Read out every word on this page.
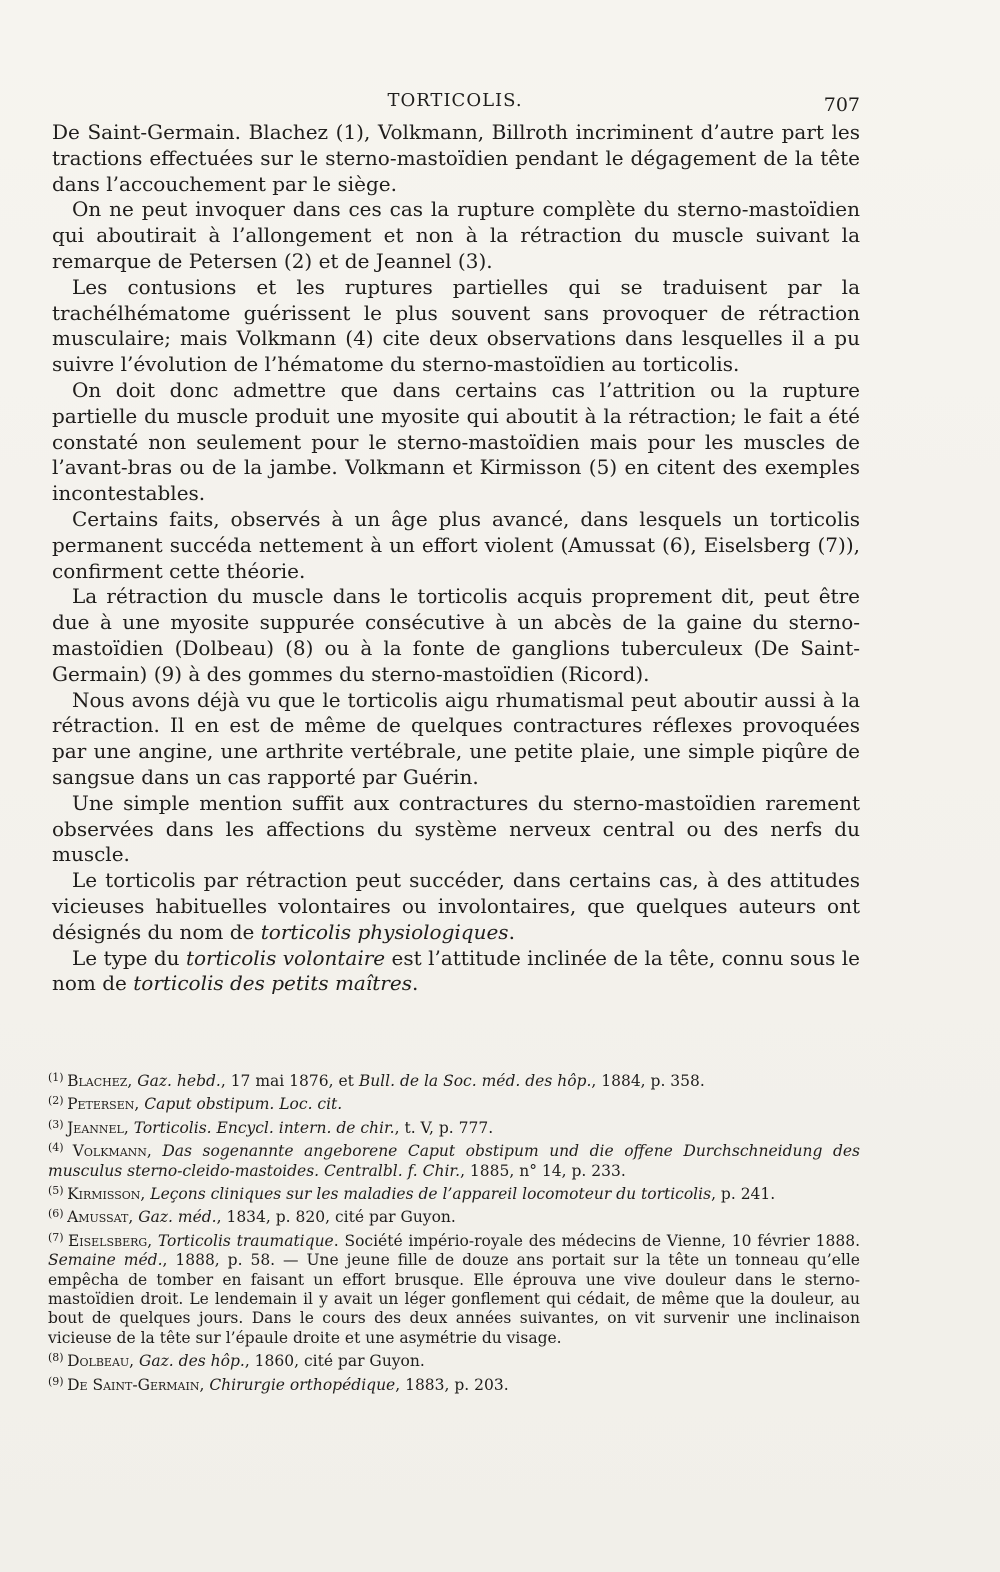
TORTICOLIS.	707

De Saint-Germain. Blachez (1), Volkmann, Billroth incriminent d’autre part les tractions effectuées sur le sterno-mastoïdien pendant le dégagement de la tête dans l’accouchement par le siège.

On ne peut invoquer dans ces cas la rupture complète du sterno-mastoïdien qui aboutirait à l’allongement et non à la rétraction du muscle suivant la remarque de Petersen (2) et de Jeannel (3).

Les contusions et les ruptures partielles qui se traduisent par la trachélhématome guérissent le plus souvent sans provoquer de rétraction musculaire; mais Volkmann (4) cite deux observations dans lesquelles il a pu suivre l’évolution de l’hématome du sterno-mastoïdien au torticolis.

On doit donc admettre que dans certains cas l’attrition ou la rupture partielle du muscle produit une myosite qui aboutit à la rétraction; le fait a été constaté non seulement pour le sterno-mastoïdien mais pour les muscles de l’avant-bras ou de la jambe. Volkmann et Kirmisson (5) en citent des exemples incontestables.

Certains faits, observés à un âge plus avancé, dans lesquels un torticolis permanent succéda nettement à un effort violent (Amussat (6), Eiselsberg (7)), confirment cette théorie.

La rétraction du muscle dans le torticolis acquis proprement dit, peut être due à une myosite suppurée consécutive à un abcès de la gaine du sterno-mastoïdien (Dolbeau) (8) ou à la fonte de ganglions tuberculeux (De Saint-Germain) (9) à des gommes du sterno-mastoïdien (Ricord).

Nous avons déjà vu que le torticolis aigu rhumatismal peut aboutir aussi à la rétraction. Il en est de même de quelques contractures réflexes provoquées par une angine, une arthrite vertébrale, une petite plaie, une simple piqûre de sangsue dans un cas rapporté par Guérin.

Une simple mention suffit aux contractures du sterno-mastoïdien rarement observées dans les affections du système nerveux central ou des nerfs du muscle.

Le torticolis par rétraction peut succéder, dans certains cas, à des attitudes vicieuses habituelles volontaires ou involontaires, que quelques auteurs ont désignés du nom de torticolis physiologiques.

Le type du torticolis volontaire est l’attitude inclinée de la tête, connu sous le nom de torticolis des petits maîtres.

$^{(1)}$ Blachez, Gaz. hebd., 17 mai 1876, et Bull. de la Soc. méd. des hôp., 1884, p. 358.

$^{(2)}$ Petersen, Caput obstipum. Loc. cit.

$^{(3)}$ Jeannel, Torticolis. Encycl. intern. de chir., t. V, p. 777.

$^{(4)}$ Volkmann, Das sogenannte angeborene Caput obstipum und die offene Durchschneidung des musculus sterno-cleido-mastoides. Centralbl. f. Chir., 1885, n° 14, p. 233.

$^{(5)}$ Kirmisson, Leçons cliniques sur les maladies de l’appareil locomoteur du torticolis, p. 241.

$^{(6)}$ Amussat, Gaz. méd., 1834, p. 820, cité par Guyon.

$^{(7)}$ Eiselsberg, Torticolis traumatique. Société império-royale des médecins de Vienne, 10 février 1888. Semaine méd., 1888, p. 58. — Une jeune fille de douze ans portait sur la tête un tonneau qu’elle empêcha de tomber en faisant un effort brusque. Elle éprouva une vive douleur dans le sterno-mastoïdien droit. Le lendemain il y avait un léger gonflement qui cédait, de même que la douleur, au bout de quelques jours. Dans le cours des deux années suivantes, on vit survenir une inclinaison vicieuse de la tête sur l’épaule droite et une asymétrie du visage.

$^{(8)}$ Dolbeau, Gaz. des hôp., 1860, cité par Guyon.

$^{(9)}$ De Saint-Germain, Chirurgie orthopédique, 1883, p. 203.
